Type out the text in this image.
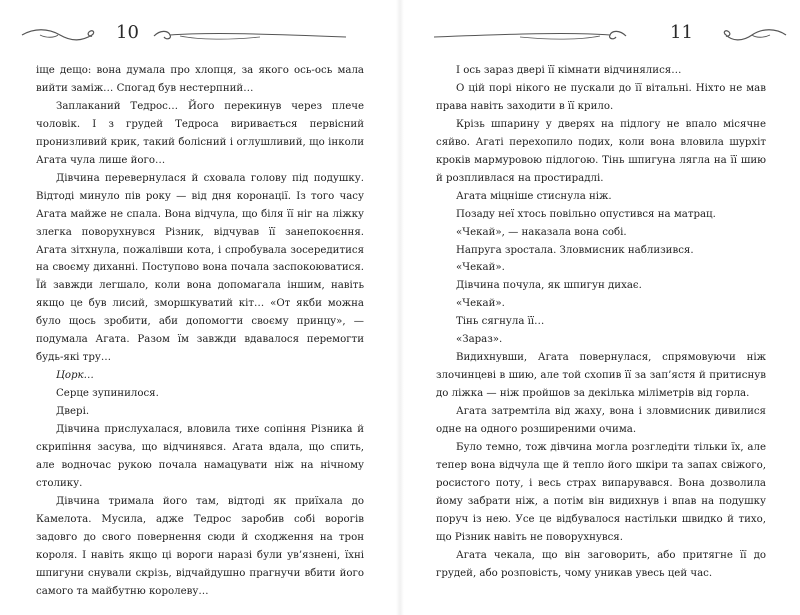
10

іще дещо: вона думала про хлопця, за якого ось-ось мала вийти заміж… Спогад був нестерпний…

Заплаканий Тедрос… Його перекинув через плече чоловік. І з грудей Тедроса виривається первісний пронизливий крик, такий болісний і оглушливий, що інколи Агата чула лише його…

Дівчина перевернулася й сховала голову під подушку. Відтоді минуло пів року — від дня коронації. Із того часу Агата майже не спала. Вона відчула, що біля її ніг на ліжку злегка поворухнувся Різник, відчував її занепокоєння. Агата зітхнула, пожалівши кота, і спробувала зосередитися на своєму диханні. Поступово вона почала заспокоюватися. Їй завжди легшало, коли вона допомагала іншим, навіть якщо це був лисий, зморшкуватий кіт… «От якби можна було щось зробити, аби допомогти своєму принцу», — подумала Агата. Разом їм завжди вдавалося перемогти будь-які тру…

Цорк…

Серце зупинилося.

Двері.

Дівчина прислухалася, вловила тихе сопіння Різника й скрипіння засува, що відчинявся. Агата вдала, що спить, але водночас рукою почала намацувати ніж на нічному столику.

Дівчина тримала його там, відтоді як приїхала до Камелота. Мусила, адже Тедрос заробив собі ворогів задовго до свого повернення сюди й сходження на трон короля. І навіть якщо ці вороги наразі були ув’язнені, їхні шпигуни снували скрізь, відчайдушно прагнучи вбити його самого та майбутню королеву…

11

І ось зараз двері її кімнати відчинялися…

О цій порі нікого не пускали до її вітальні. Ніхто не мав права навіть заходити в її крило.

Крізь шпарину у дверях на підлогу не впало місячне сяйво. Агаті перехопило подих, коли вона вловила шурхіт кроків мармуровою підлогою. Тінь шпигуна лягла на її шию й розпливлася на простирадлі.

Агата міцніше стиснула ніж.

Позаду неї хтось повільно опустився на матрац.

«Чекай», — наказала вона собі.

Напруга зростала. Зловмисник наблизився.

«Чекай».

Дівчина почула, як шпигун дихає.

«Чекай».

Тінь сягнула її…

«Зараз».

Видихнувши, Агата повернулася, спрямовуючи ніж злочинцеві в шию, але той схопив її за зап’ястя й притиснув до ліжка — ніж пройшов за декілька міліметрів від горла.

Агата затремтіла від жаху, вона і зловмисник дивилися одне на одного розширеними очима.

Було темно, тож дівчина могла розгледіти тільки їх, але тепер вона відчула ще й тепло його шкіри та запах свіжого, росистого поту, і весь страх випарувався. Вона дозволила йому забрати ніж, а потім він видихнув і впав на подушку поруч із нею. Усе це відбувалося настільки швидко й тихо, що Різник навіть не поворухнувся.

Агата чекала, що він заговорить, або притягне її до грудей, або розповість, чому уникав увесь цей час.
